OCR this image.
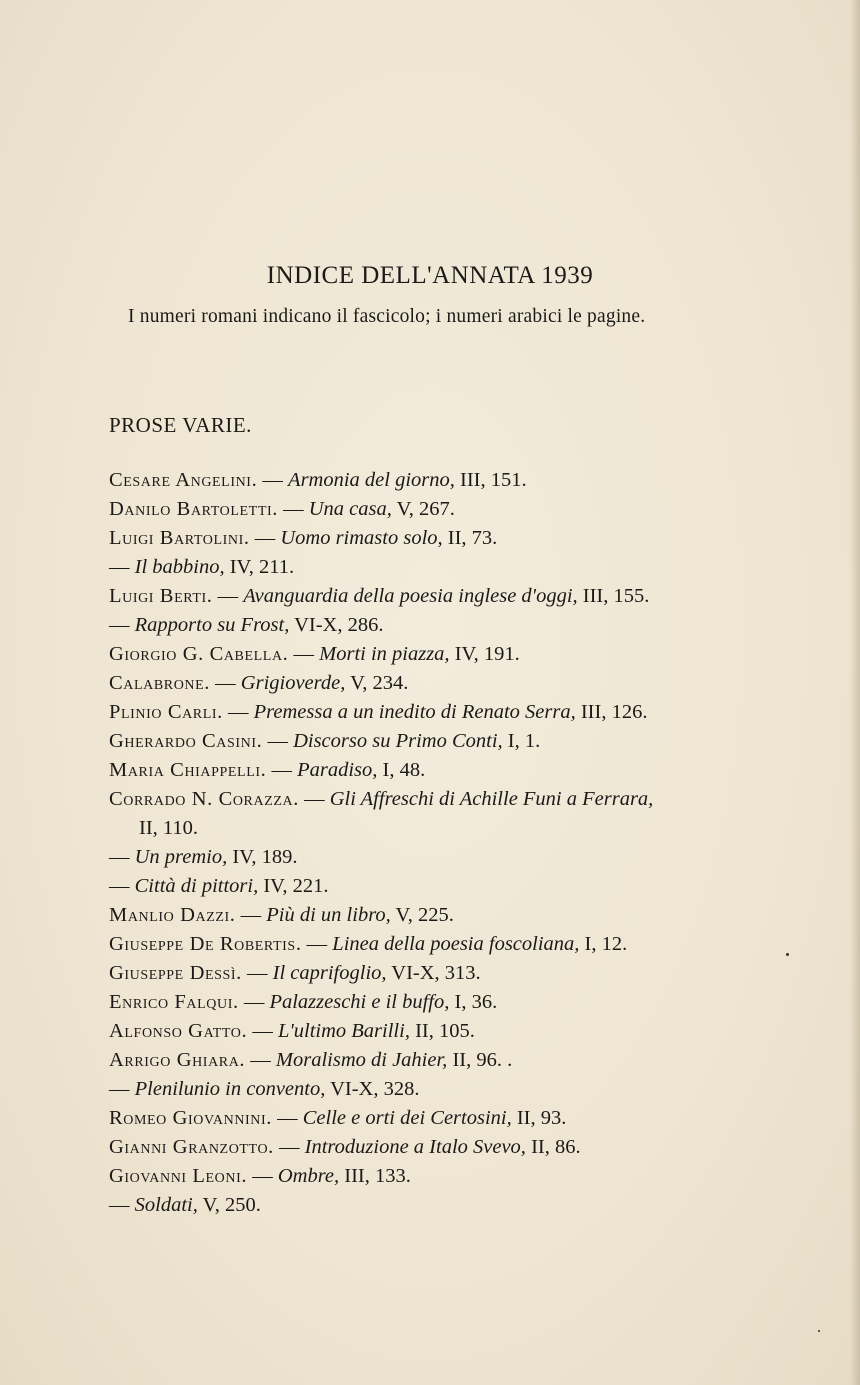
INDICE DELL'ANNATA 1939
I numeri romani indicano il fascicolo; i numeri arabici le pagine.
PROSE VARIE.
Cesare Angelini. — Armonia del giorno, III, 151.
Danilo Bartoletti. — Una casa, V, 267.
Luigi Bartolini. — Uomo rimasto solo, II, 73.
— Il babbino, IV, 211.
Luigi Berti. — Avanguardia della poesia inglese d'oggi, III, 155.
— Rapporto su Frost, VI-X, 286.
Giorgio G. Cabella. — Morti in piazza, IV, 191.
Calabrone. — Grigioverde, V, 234.
Plinio Carli. — Premessa a un inedito di Renato Serra, III, 126.
Gherardo Casini. — Discorso su Primo Conti, I, 1.
Maria Chiappelli. — Paradiso, I, 48.
Corrado N. Corazza. — Gli Affreschi di Achille Funi a Ferrara,
II, 110.
— Un premio, IV, 189.
— Città di pittori, IV, 221.
Manlio Dazzi. — Più di un libro, V, 225.
Giuseppe De Robertis. — Linea della poesia foscoliana, I, 12.
Giuseppe Dessì. — Il caprifoglio, VI-X, 313.
Enrico Falqui. — Palazzeschi e il buffo, I, 36.
Alfonso Gatto. — L'ultimo Barilli, II, 105.
Arrigo Ghiara. — Moralismo di Jahier, II, 96. .
— Plenilunio in convento, VI-X, 328.
Romeo Giovannini. — Celle e orti dei Certosini, II, 93.
Gianni Granzotto. — Introduzione a Italo Svevo, II, 86.
Giovanni Leoni. — Ombre, III, 133.
— Soldati, V, 250.
